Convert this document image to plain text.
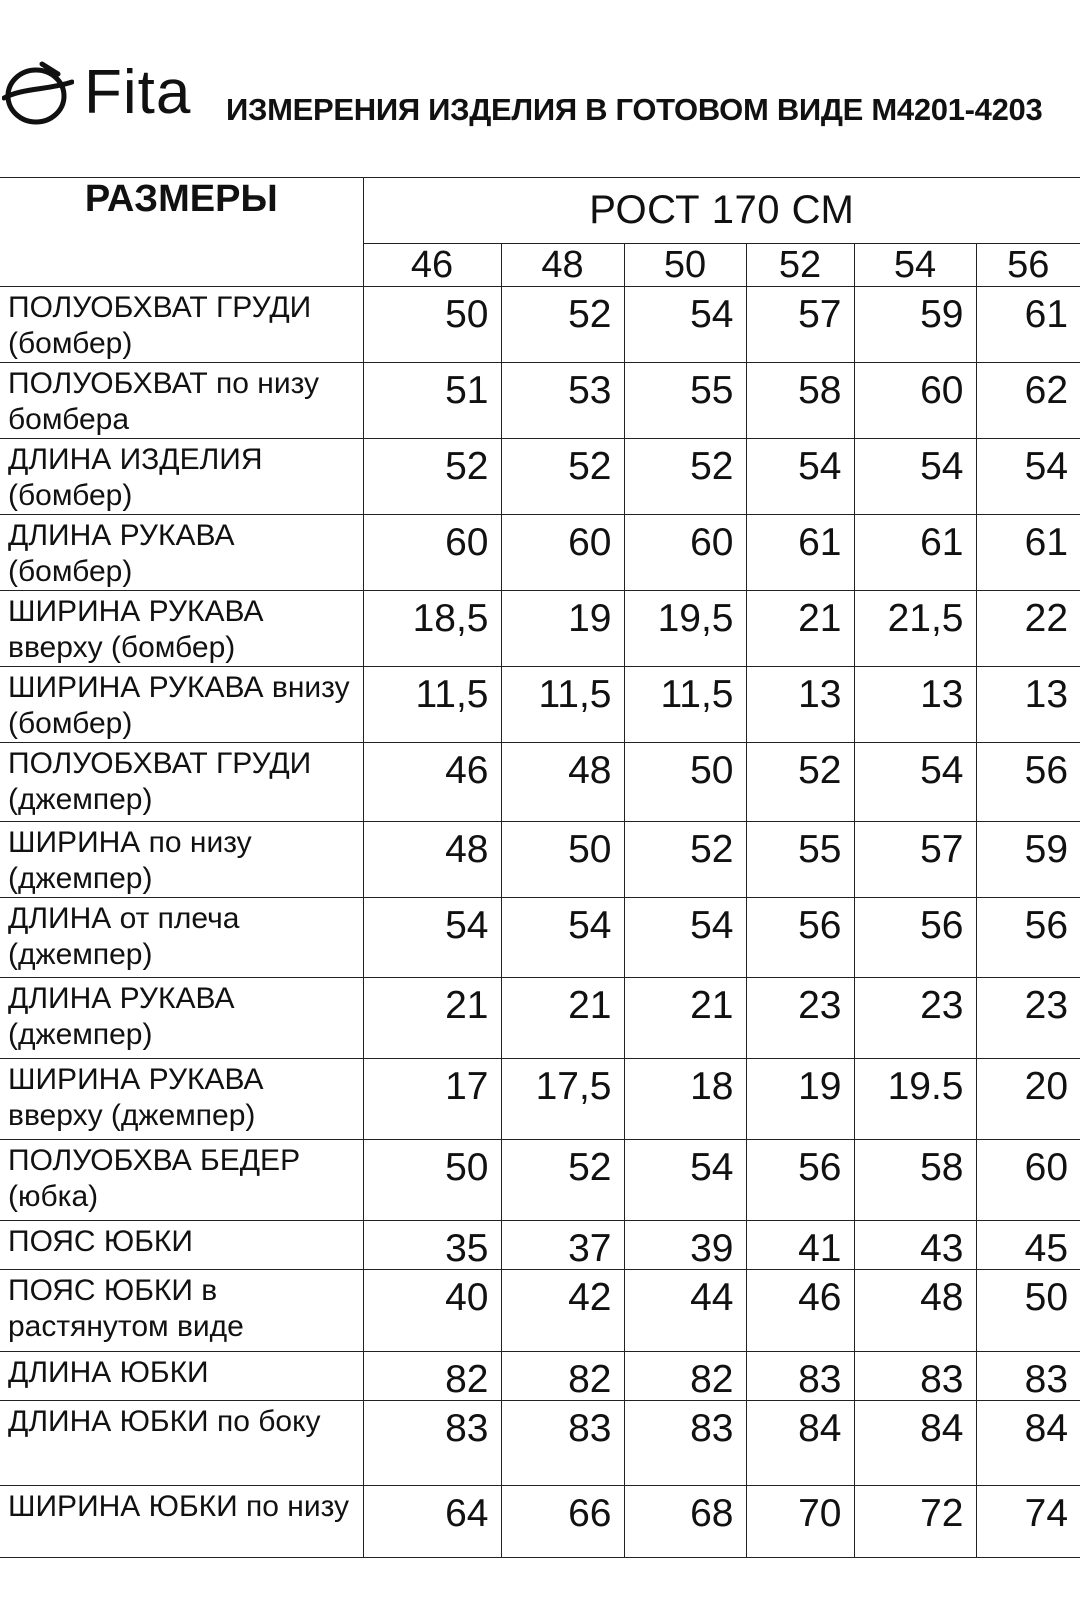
Fita ИЗМЕРЕНИЯ ИЗДЕЛИЯ В ГОТОВОМ ВИДЕ М4201-4203
РАЗМЕРЫ	РОСТ 170 СМ					
	46	48	50	52	54	56
ПОЛУОБХВАТ ГРУДИ (бомбер)	50	52	54	57	59	61
ПОЛУОБХВАТ по низу бомбера	51	53	55	58	60	62
ДЛИНА ИЗДЕЛИЯ (бомбер)	52	52	52	54	54	54
ДЛИНА РУКАВА (бомбер)	60	60	60	61	61	61
ШИРИНА РУКАВА вверху (бомбер)	18,5	19	19,5	21	21,5	22
ШИРИНА РУКАВА внизу (бомбер)	11,5	11,5	11,5	13	13	13
ПОЛУОБХВАТ ГРУДИ (джемпер)	46	48	50	52	54	56
ШИРИНА по низу (джемпер)	48	50	52	55	57	59
ДЛИНА от плеча (джемпер)	54	54	54	56	56	56
ДЛИНА РУКАВА (джемпер)	21	21	21	23	23	23
ШИРИНА РУКАВА вверху (джемпер)	17	17,5	18	19	19.5	20
ПОЛУОБХВА БЕДЕР (юбка)	50	52	54	56	58	60
ПОЯС ЮБКИ	35	37	39	41	43	45
ПОЯС ЮБКИ в растянутом виде	40	42	44	46	48	50
ДЛИНА ЮБКИ	82	82	82	83	83	83
ДЛИНА ЮБКИ по боку	83	83	83	84	84	84
ШИРИНА ЮБКИ по низу	64	66	68	70	72	74
